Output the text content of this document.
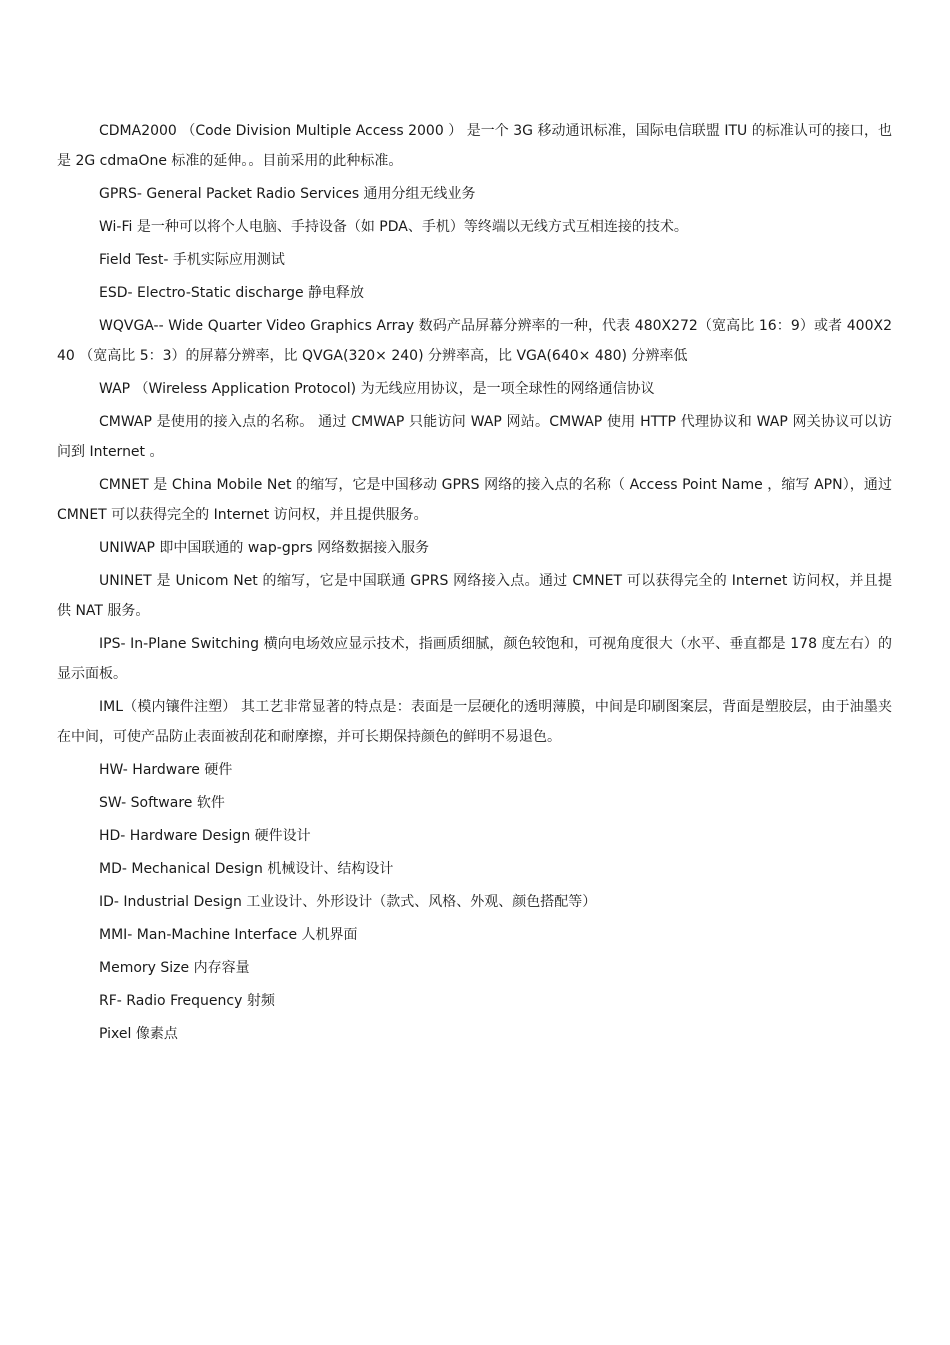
CDMA2000 （Code Division Multiple Access 2000 ） 是一个 3G 移动通讯标准，国际电信联盟 ITU 的标准认可的接口，也是 2G cdmaOne 标准的延伸。。目前采用的此种标准。
GPRS- General Packet Radio Services 通用分组无线业务
Wi-Fi 是一种可以将个人电脑、手持设备（如 PDA、手机）等终端以无线方式互相连接的技术。
Field Test- 手机实际应用测试
ESD- Electro-Static discharge 静电释放
WQVGA-- Wide Quarter Video Graphics Array 数码产品屏幕分辨率的一种，代表 480X272（宽高比 16：9）或者 400X240 （宽高比 5：3）的屏幕分辨率，比 QVGA(320× 240) 分辨率高，比 VGA(640× 480) 分辨率低
WAP （Wireless Application Protocol) 为无线应用协议，是一项全球性的网络通信协议
CMWAP 是使用的接入点的名称。 通过 CMWAP 只能访问 WAP 网站。CMWAP 使用 HTTP 代理协议和 WAP 网关协议可以访问到 Internet 。
CMNET 是 China Mobile Net 的缩写，它是中国移动 GPRS 网络的接入点的名称（ Access Point Name ，缩写 APN），通过 CMNET 可以获得完全的 Internet 访问权，并且提供服务。
UNIWAP 即中国联通的 wap-gprs 网络数据接入服务
UNINET 是 Unicom Net 的缩写，它是中国联通 GPRS 网络接入点。通过 CMNET 可以获得完全的 Internet 访问权，并且提供 NAT 服务。
IPS- In-Plane Switching 横向电场效应显示技术，指画质细腻，颜色较饱和，可视角度很大（水平、垂直都是 178 度左右）的显示面板。
IML（模内镶件注塑） 其工艺非常显著的特点是：表面是一层硬化的透明薄膜，中间是印刷图案层，背面是塑胶层，由于油墨夹在中间，可使产品防止表面被刮花和耐摩擦，并可长期保持颜色的鲜明不易退色。
HW- Hardware 硬件
SW- Software 软件
HD- Hardware Design 硬件设计
MD- Mechanical Design 机械设计、结构设计
ID- Industrial Design 工业设计、外形设计（款式、风格、外观、颜色搭配等）
MMI- Man-Machine Interface 人机界面
Memory Size 内存容量
RF- Radio Frequency 射频
Pixel 像素点
